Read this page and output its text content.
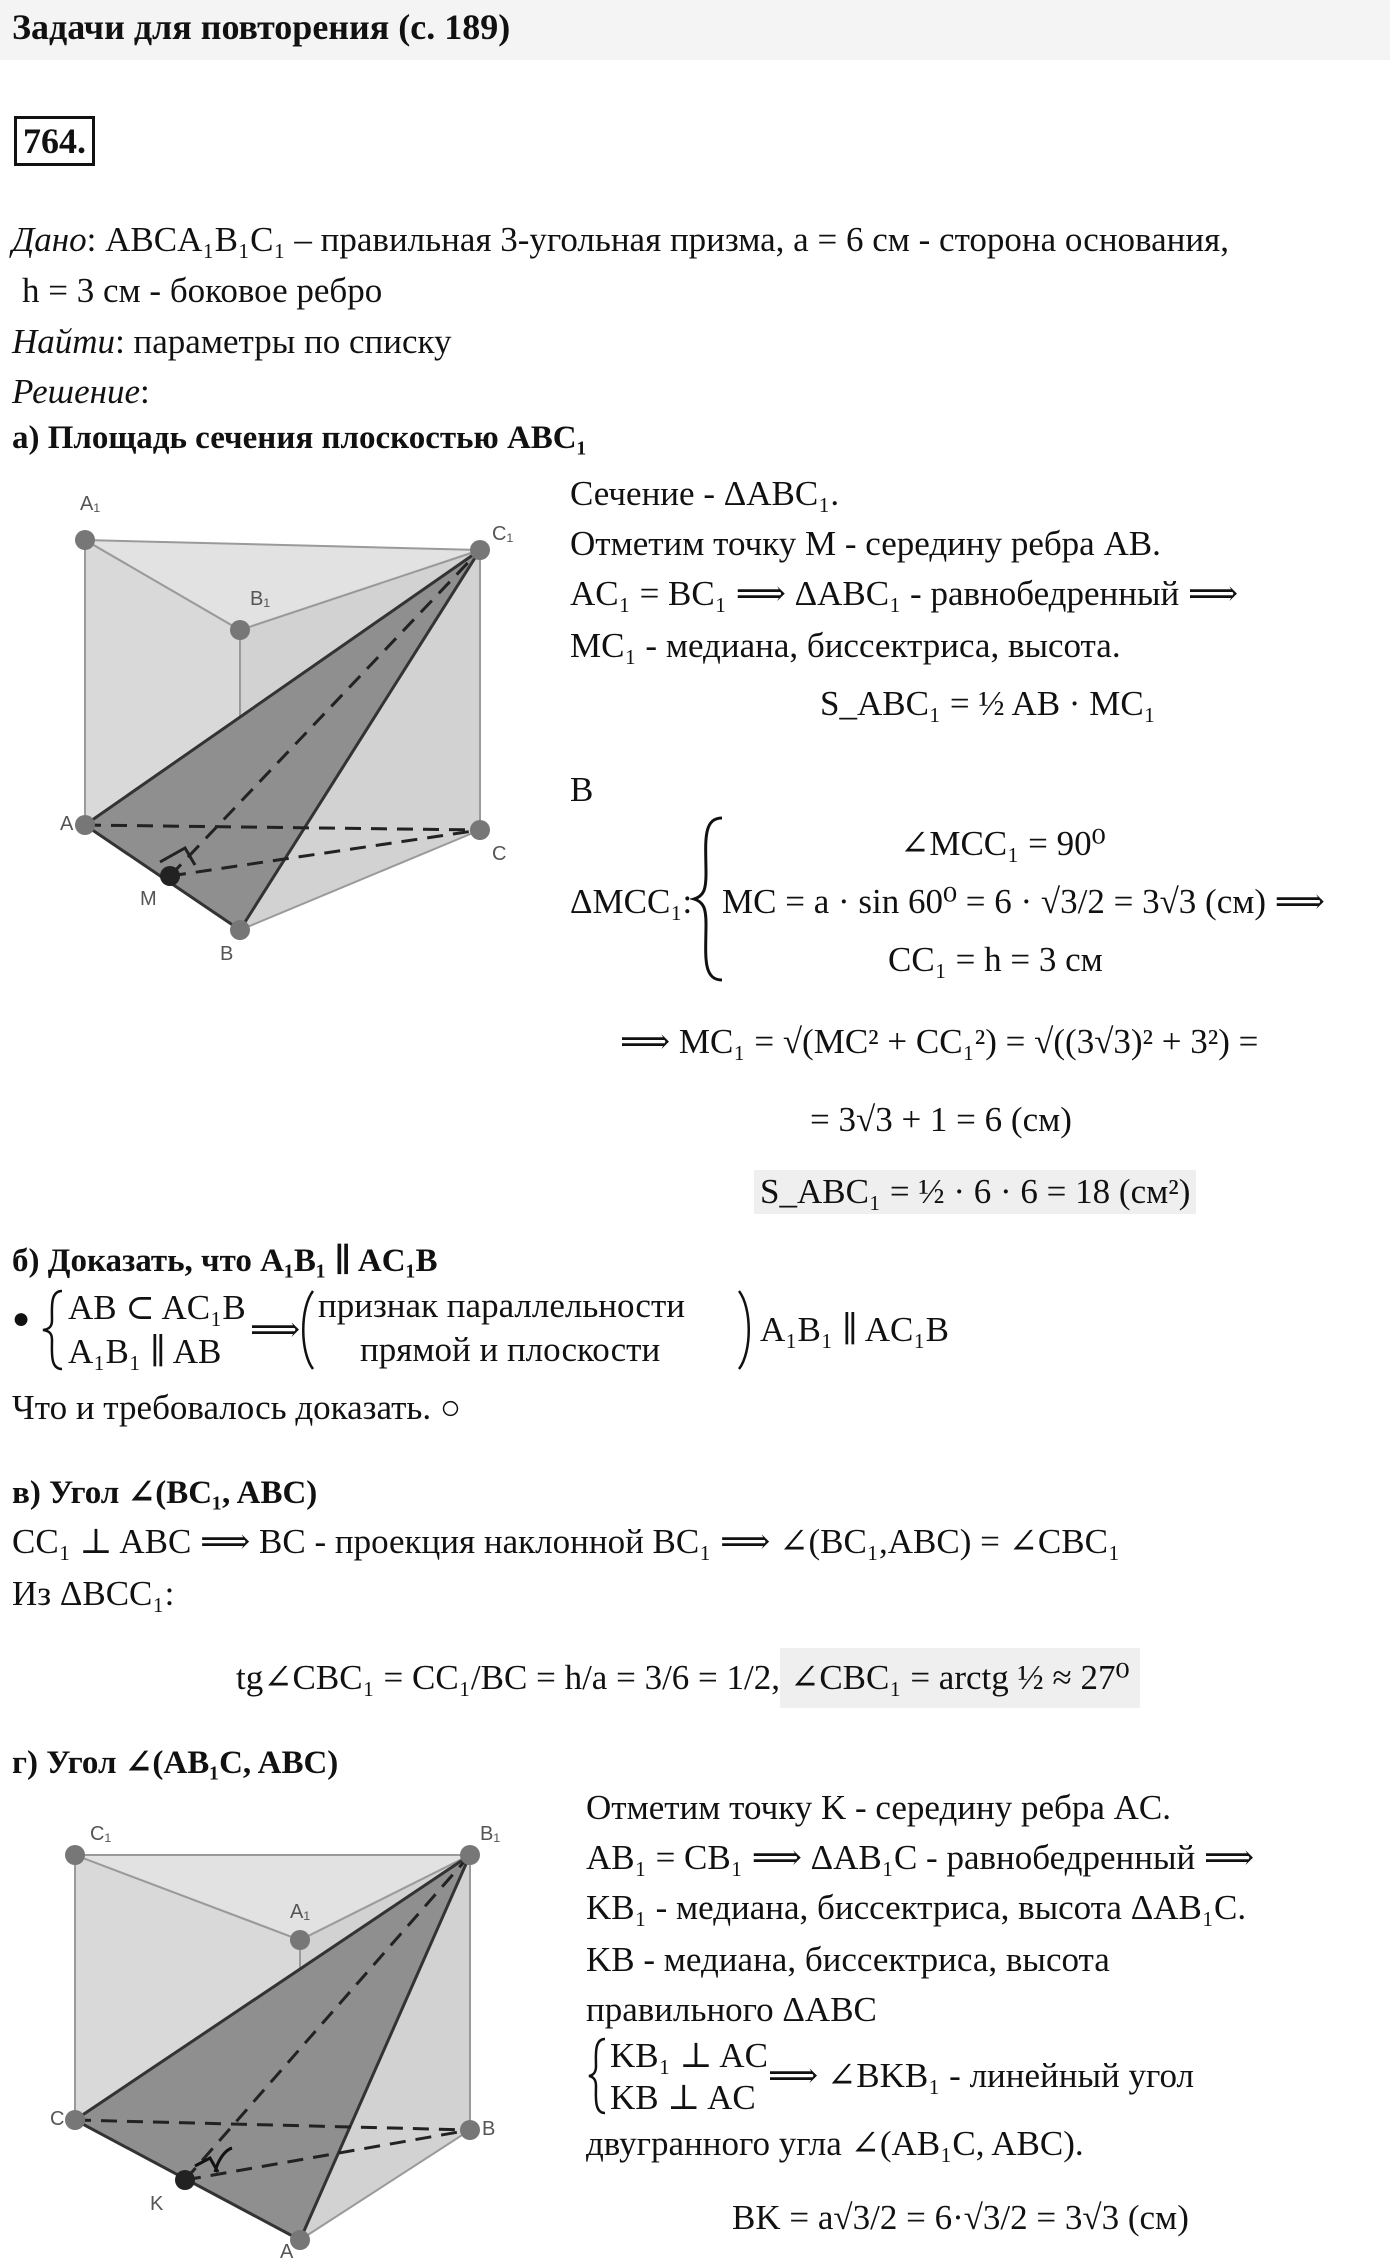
Задачи для повторения (с. 189)
764.
Дано: ABCA₁B₁C₁ – правильная 3-угольная призма, a = 6 см - сторона основания,
h = 3 см - боковое ребро
Найти: параметры по списку
Решение:
а) Площадь сечения плоскостью ABC₁
A₁
B₁
C₁
A
B
C
M
Сечение - ΔABC₁.
Отметим точку M - середину ребра AB.
AC₁ = BC₁ ⟹ ΔABC₁ - равнобедренный ⟹
MC₁ - медиана, биссектриса, высота.
S_ABC₁ = ½ AB · MC₁
В
ΔMCC₁:
∠MCC₁ = 90⁰
MC = a · sin 60⁰ = 6 · √3/2 = 3√3 (см) ⟹
CC₁ = h = 3 см
⟹ MC₁ = √(MC² + CC₁²) = √((3√3)² + 3²) =
= 3√3 + 1 = 6 (см)
S_ABC₁ = ½ · 6 · 6 = 18 (см²)
б) Доказать, что A₁B₁ ∥ AC₁B
● AB ⊂ AC₁B
A₁B₁ ∥ AB
⟹
признак параллельности
прямой и плоскости
A₁B₁ ∥ AC₁B
Что и требовалось доказать. ○
в) Угол ∠(BC₁, ABC)
CC₁ ⊥ ABC ⟹ BC - проекция наклонной BC₁ ⟹ ∠(BC₁,ABC) = ∠CBC₁
Из ΔBCC₁:
tg∠CBC₁ = CC₁/BC = h/a = 3/6 = 1/2, ∠CBC₁ = arctg ½ ≈ 27⁰
г) Угол ∠(AB₁C, ABC)
C₁
A₁
B₁
C	B
A
K
Отметим точку K - середину ребра AC.
AB₁ = CB₁ ⟹ ΔAB₁C - равнобедренный ⟹
KB₁ - медиана, биссектриса, высота ΔAB₁C.
KB - медиана, биссектриса, высота
правильного ΔABC
KB₁ ⊥ AC
KB ⊥ AC
⟹ ∠BKB₁ - линейный угол
двугранного угла ∠(AB₁C, ABC).
BK = a√3/2 = 6·√3/2 = 3√3 (см)
